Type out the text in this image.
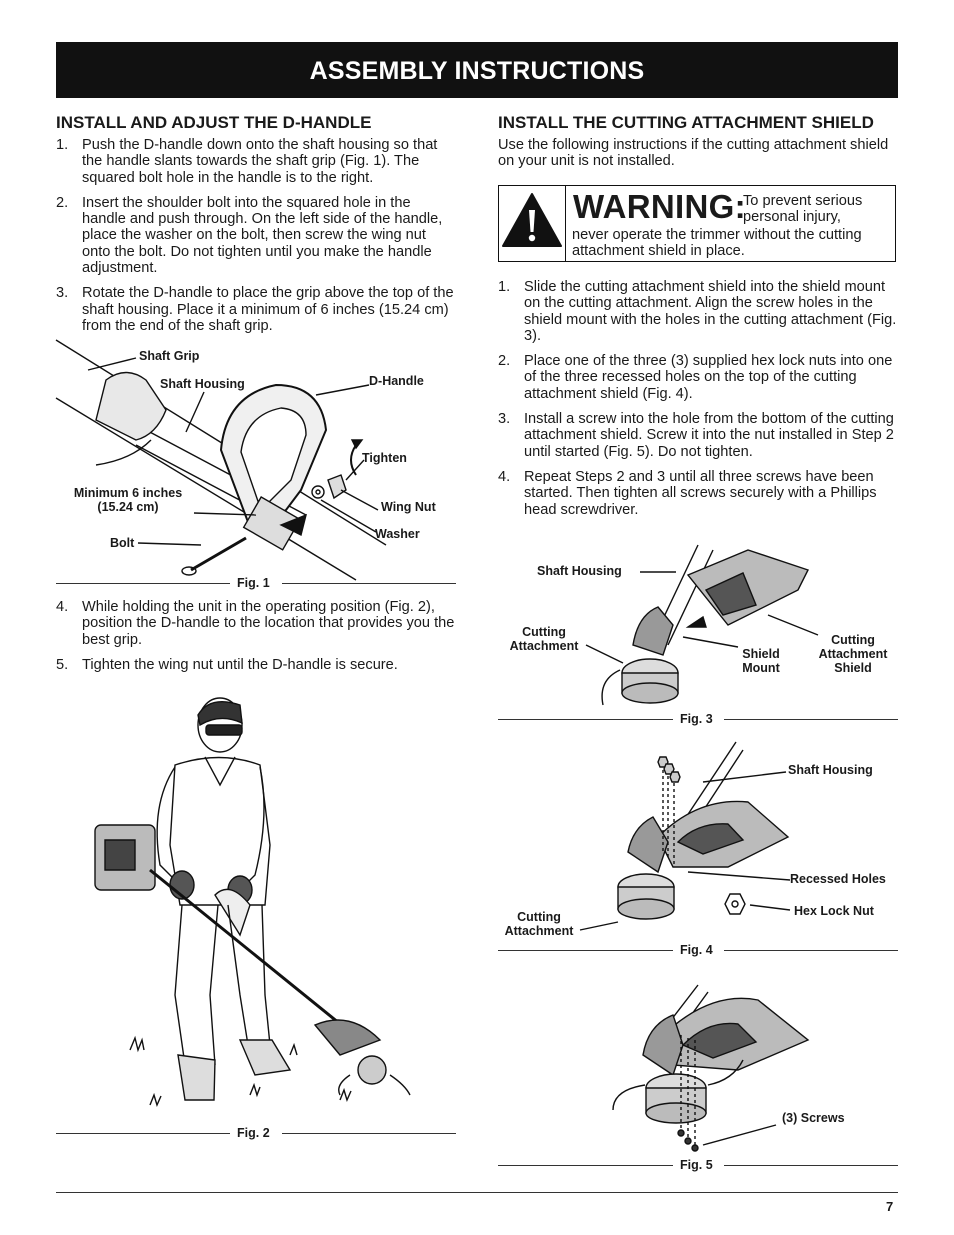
ASSEMBLY INSTRUCTIONS
INSTALL AND ADJUST THE D-HANDLE
1. Push the D-handle down onto the shaft housing so that the handle slants towards the shaft grip (Fig. 1). The squared bolt hole in the handle is to the right.
2. Insert the shoulder bolt into the squared hole in the handle and push through. On the left side of the handle, place the washer on the bolt, then screw the wing nut onto the bolt. Do not tighten until you make the handle adjustment.
3. Rotate the D-handle to place the grip above the top of the shaft housing. Place it a minimum of 6 inches (15.24 cm) from the end of the shaft grip.
Shaft Grip
Shaft Housing	D-Handle
Tighten
Minimum 6 inches
(15.24 cm)	Wing Nut
Washer
Bolt
Fig. 1
4. While holding the unit in the operating position (Fig. 2), position the D-handle to the location that provides you the best grip.
5. Tighten the wing nut until the D-handle is secure.
Fig. 2
INSTALL THE CUTTING ATTACHMENT SHIELD

Use the following instructions if the cutting attachment shield on your unit is not installed.

WARNING:
To prevent serious personal injury,
never operate the trimmer without the cutting attachment shield in place.
1. Slide the cutting attachment shield into the shield mount on the cutting attachment. Align the screw holes in the shield mount with the holes in the cutting attachment (Fig. 3).
2. Place one of the three (3) supplied hex lock nuts into one of the three recessed holes on the top of the cutting attachment shield (Fig. 4).
3. Install a screw into the hole from the bottom of the cutting attachment shield. Screw it into the nut installed in Step 2 until started (Fig. 5). Do not tighten.
4. Repeat Steps 2 and 3 until all three screws have been started. Then tighten all screws securely with a Phillips head screwdriver.
Shaft Housing
Cutting
Attachment
Shield
Mount
Cutting
Attachment
Shield
Fig. 3
Shaft Housing
Recessed Holes
Hex Lock Nut
Cutting
Attachment
Fig. 4
(3) Screws
Fig. 5
7
